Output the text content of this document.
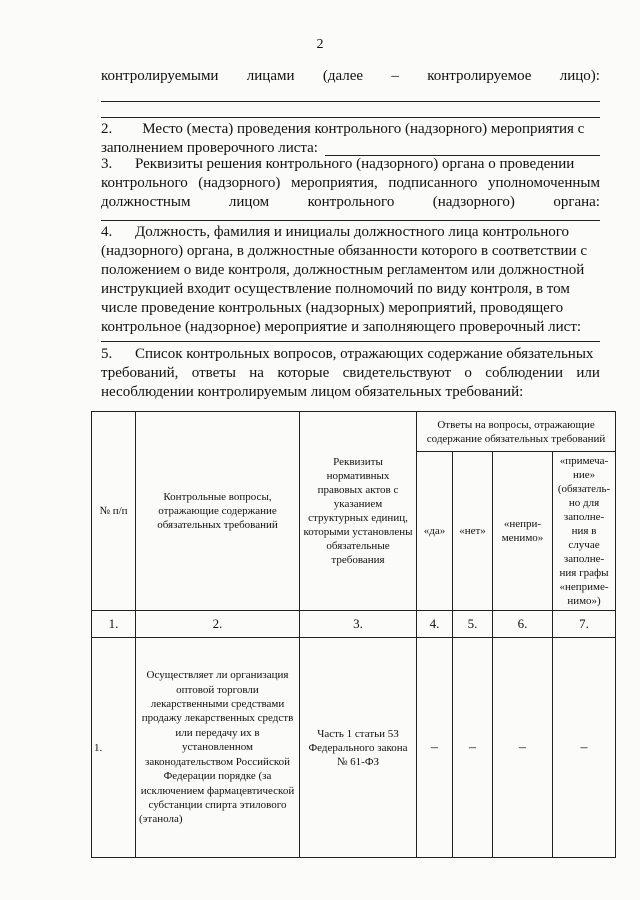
2
контролируемыми лицами (далее – контролируемое лицо):
2.        Место (места) проведения контрольного (надзорного) мероприятия с
заполнением проверочного листа:
3. Реквизиты решения контрольного (надзорного) органа о проведении
контрольного (надзорного) мероприятия, подписанного уполномоченным
должностным	лицом	контрольного	(надзорного)	органа:
4. Должность, фамилия и инициалы должностного лица контрольного
(надзорного) органа, в должностные обязанности которого в соответствии с
положением о виде контроля, должностным регламентом или должностной
инструкцией входит осуществление полномочий по виду контроля, в том
числе проведение контрольных (надзорных) мероприятий, проводящего
контрольное (надзорное) мероприятие и заполняющего проверочный лист:
5. Список контрольных вопросов, отражающих содержание обязательных
требований, ответы на которые свидетельствуют о соблюдении или
несоблюдении контролируемым лицом обязательных требований:
№ п/п	Контрольные вопросы, отражающие содержание обязательных требований	Реквизиты нормативных правовых актов с указанием структурных единиц, которыми установлены обязательные требования	Ответы на вопросы, отражающие содержание обязательных требований			
			«да»	«нет»	«непри-менимо»	«примеча-ние» (обязатель-но для заполне-ния в случае заполне-ния графы «неприме-нимо»)
1.	2.	3.	4.	5.	6.	7.
1.	Осуществляет ли организация оптовой торговли лекарственными средствами продажу лекарственных средств или передачу их в установленном законодательством Российской Федерации порядке (за исключением фармацевтической субстанции спирта этилового (этанола)	Часть 1 статьи 53 Федерального закона № 61-ФЗ	–	–	–	–
